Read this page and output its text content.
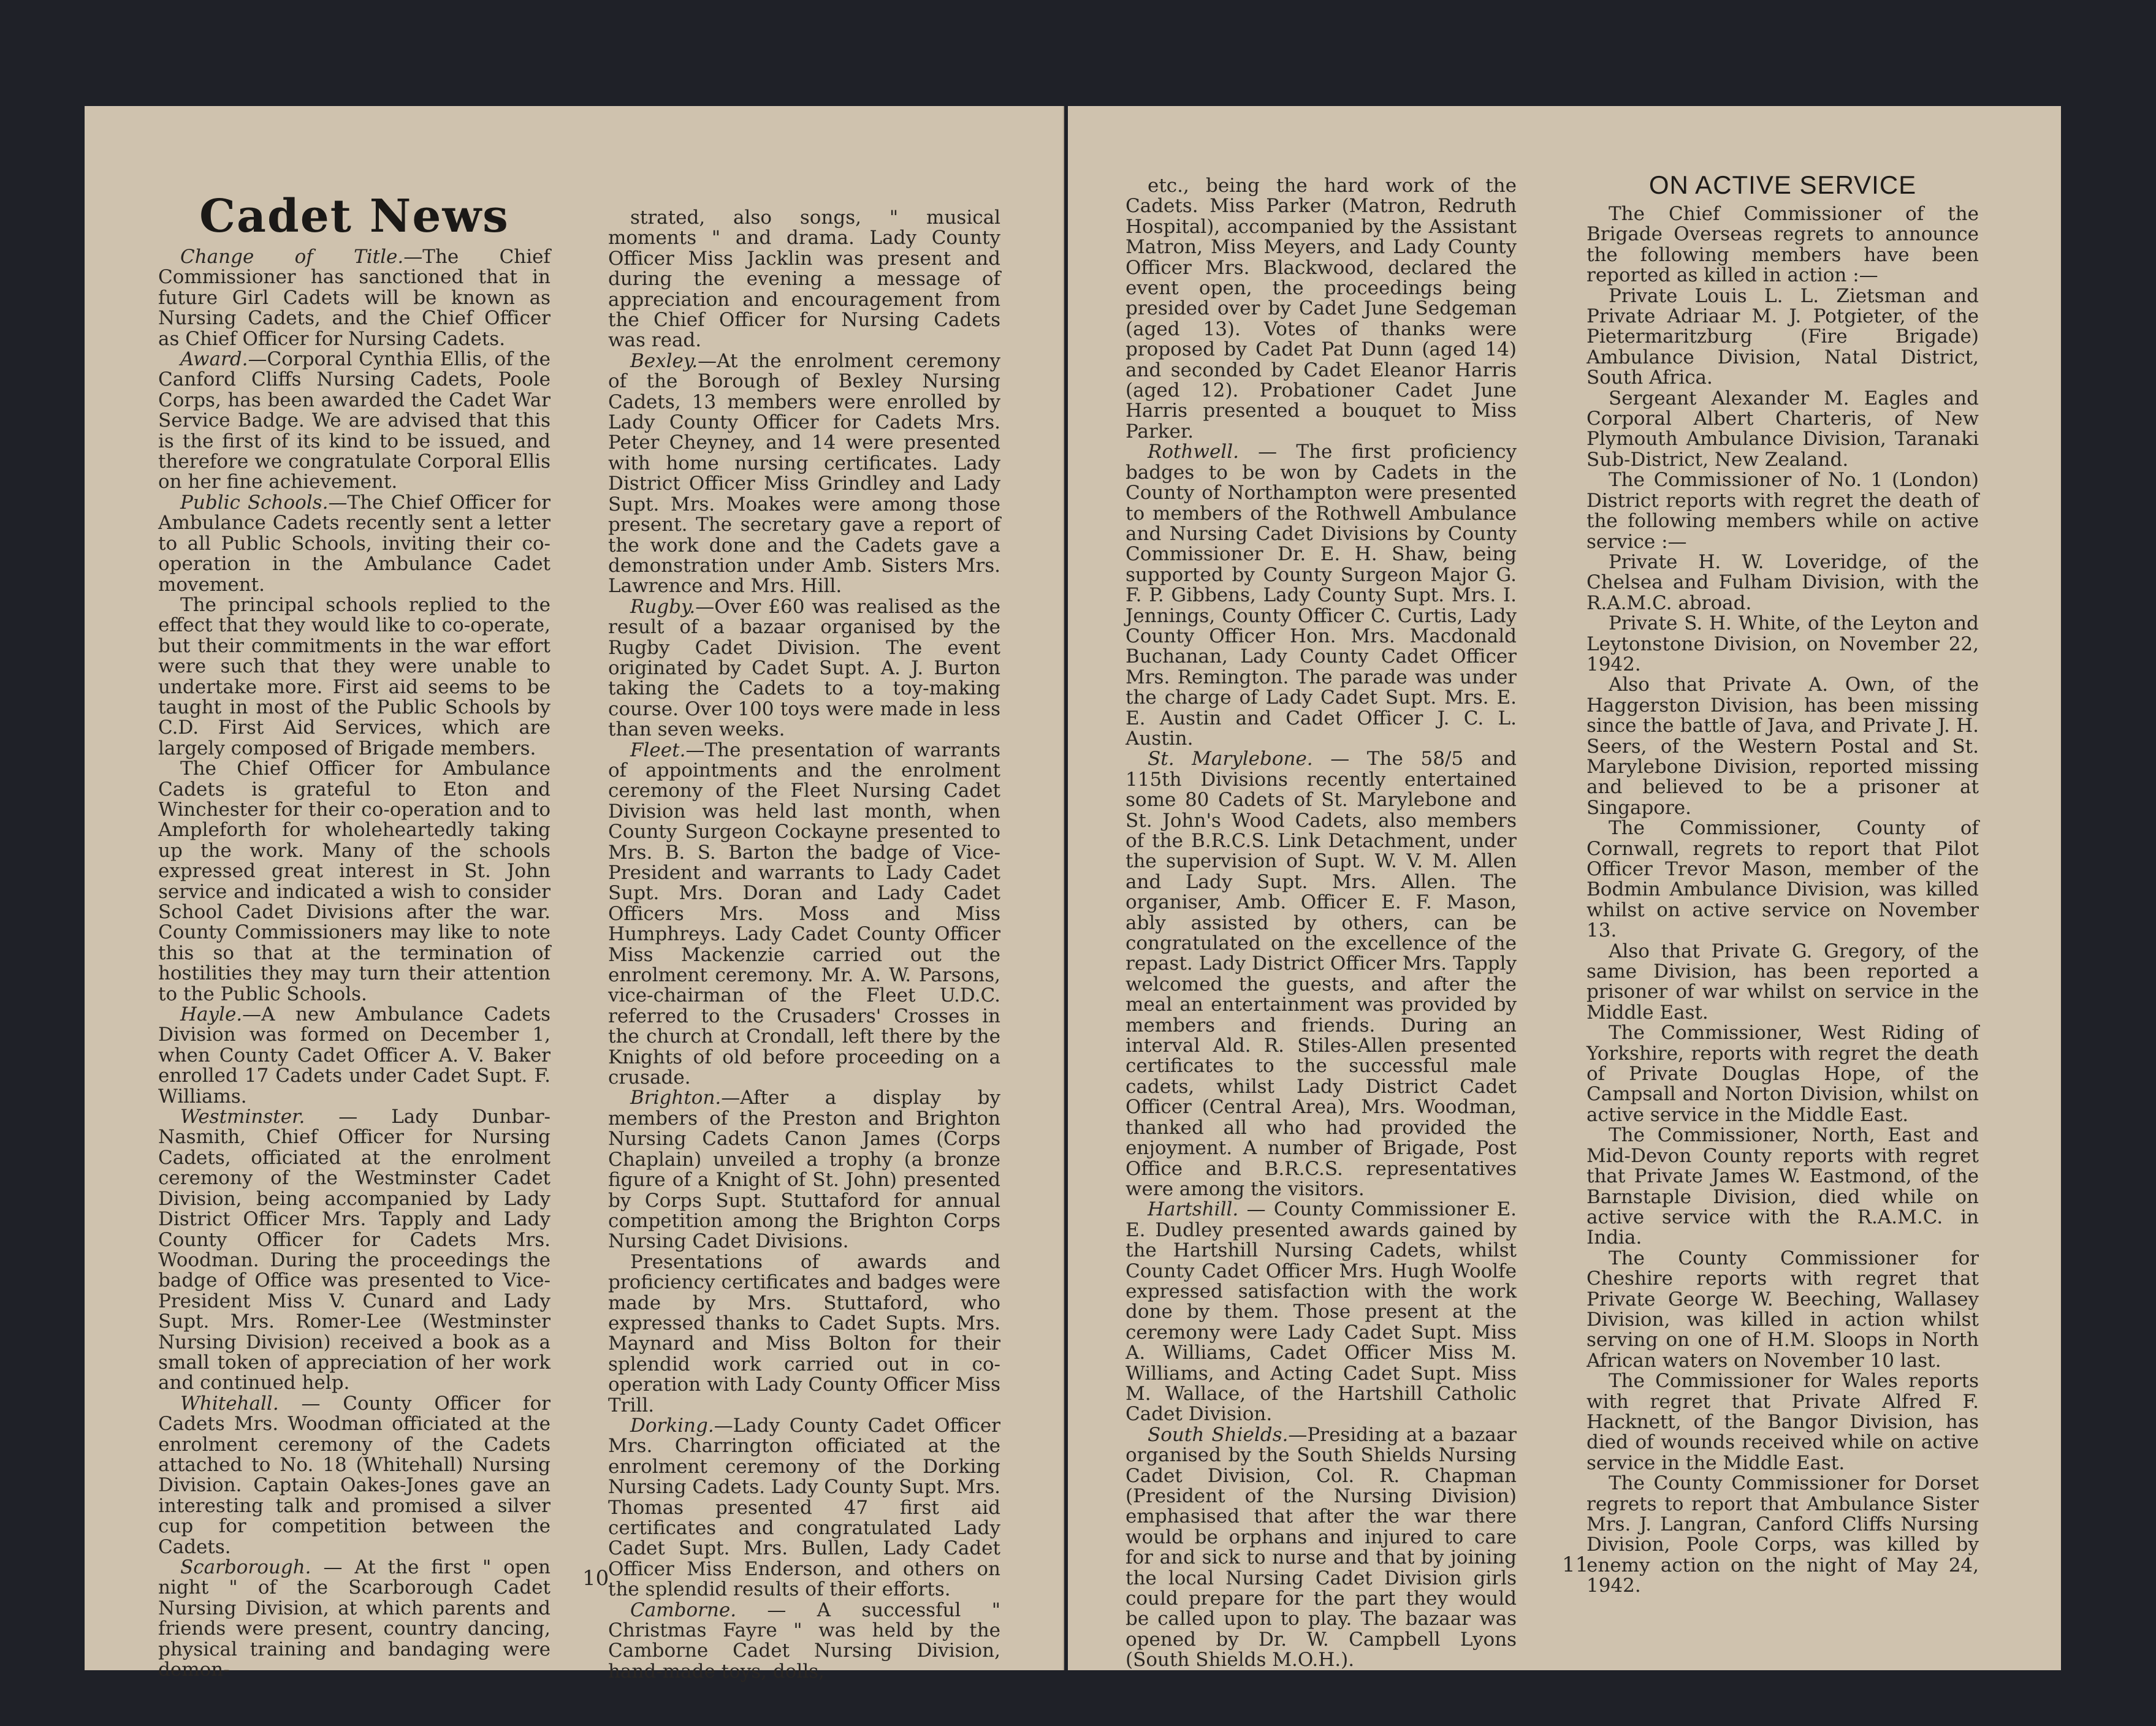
Cadet News

Change of Title.—The Chief Commissioner has sanctioned that in future Girl Cadets will be known as Nursing Cadets, and the Chief Officer as Chief Officer for Nursing Cadets.

Award.—Corporal Cynthia Ellis, of the Canford Cliffs Nursing Cadets, Poole Corps, has been awarded the Cadet War Service Badge. We are advised that this is the first of its kind to be issued, and therefore we congratulate Corporal Ellis on her fine achievement.

Public Schools.—The Chief Officer for Ambulance Cadets recently sent a letter to all Public Schools, inviting their co-operation in the Ambulance Cadet movement.

The principal schools replied to the effect that they would like to co-operate, but their commitments in the war effort were such that they were unable to undertake more. First aid seems to be taught in most of the Public Schools by C.D. First Aid Services, which are largely composed of Brigade members.

The Chief Officer for Ambulance Cadets is grateful to Eton and Winchester for their co-operation and to Ampleforth for wholeheartedly taking up the work. Many of the schools expressed great interest in St. John service and indicated a wish to consider School Cadet Divisions after the war. County Commissioners may like to note this so that at the termination of hostilities they may turn their attention to the Public Schools.

Hayle.—A new Ambulance Cadets Division was formed on December 1, when County Cadet Officer A. V. Baker enrolled 17 Cadets under Cadet Supt. F. Williams.

Westminster. — Lady Dunbar-Nasmith, Chief Officer for Nursing Cadets, officiated at the enrolment ceremony of the Westminster Cadet Division, being accompanied by Lady District Officer Mrs. Tapply and Lady County Officer for Cadets Mrs. Woodman. During the proceedings the badge of Office was presented to Vice-President Miss V. Cunard and Lady Supt. Mrs. Romer-Lee (Westminster Nursing Division) received a book as a small token of appreciation of her work and continued help.

Whitehall. — County Officer for Cadets Mrs. Woodman officiated at the enrolment ceremony of the Cadets attached to No. 18 (Whitehall) Nursing Division. Captain Oakes-Jones gave an interesting talk and promised a silver cup for competition between the Cadets.

Scarborough. — At the first " open night " of the Scarborough Cadet Nursing Division, at which parents and friends were present, country dancing, physical training and bandaging were demon-

strated, also songs, " musical moments " and drama. Lady County Officer Miss Jacklin was present and during the evening a message of appreciation and encouragement from the Chief Officer for Nursing Cadets was read.

Bexley.—At the enrolment ceremony of the Borough of Bexley Nursing Cadets, 13 members were enrolled by Lady County Officer for Cadets Mrs. Peter Cheyney, and 14 were presented with home nursing certificates. Lady District Officer Miss Grindley and Lady Supt. Mrs. Moakes were among those present. The secretary gave a report of the work done and the Cadets gave a demonstration under Amb. Sisters Mrs. Lawrence and Mrs. Hill.

Rugby.—Over £60 was realised as the result of a bazaar organised by the Rugby Cadet Division. The event originated by Cadet Supt. A. J. Burton taking the Cadets to a toy-making course. Over 100 toys were made in less than seven weeks.

Fleet.—The presentation of warrants of appointments and the enrolment ceremony of the Fleet Nursing Cadet Division was held last month, when County Surgeon Cockayne presented to Mrs. B. S. Barton the badge of Vice-President and warrants to Lady Cadet Supt. Mrs. Doran and Lady Cadet Officers Mrs. Moss and Miss Humphreys. Lady Cadet County Officer Miss Mackenzie carried out the enrolment ceremony. Mr. A. W. Parsons, vice-chairman of the Fleet U.D.C. referred to the Crusaders' Crosses in the church at Crondall, left there by the Knights of old before proceeding on a crusade.

Brighton.—After a display by members of the Preston and Brighton Nursing Cadets Canon James (Corps Chaplain) unveiled a trophy (a bronze figure of a Knight of St. John) presented by Corps Supt. Stuttaford for annual competition among the Brighton Corps Nursing Cadet Divisions.

Presentations of awards and proficiency certificates and badges were made by Mrs. Stuttaford, who expressed thanks to Cadet Supts. Mrs. Maynard and Miss Bolton for their splendid work carried out in co-operation with Lady County Officer Miss Trill.

Dorking.—Lady County Cadet Officer Mrs. Charrington officiated at the enrolment ceremony of the Dorking Nursing Cadets. Lady County Supt. Mrs. Thomas presented 47 first aid certificates and congratulated Lady Cadet Supt. Mrs. Bullen, Lady Cadet Officer Miss Enderson, and others on the splendid results of their efforts.

Camborne. — A successful " Christmas Fayre " was held by the Camborne Cadet Nursing Division, hand-made toys, dolls,

10

etc., being the hard work of the Cadets. Miss Parker (Matron, Redruth Hospital), accompanied by the Assistant Matron, Miss Meyers, and Lady County Officer Mrs. Blackwood, declared the event open, the proceedings being presided over by Cadet June Sedgeman (aged 13). Votes of thanks were proposed by Cadet Pat Dunn (aged 14) and seconded by Cadet Eleanor Harris (aged 12). Probationer Cadet June Harris presented a bouquet to Miss Parker.

Rothwell. — The first proficiency badges to be won by Cadets in the County of Northampton were presented to members of the Rothwell Ambulance and Nursing Cadet Divisions by County Commissioner Dr. E. H. Shaw, being supported by County Surgeon Major G. F. P. Gibbens, Lady County Supt. Mrs. I. Jennings, County Officer C. Curtis, Lady County Officer Hon. Mrs. Macdonald Buchanan, Lady County Cadet Officer Mrs. Remington. The parade was under the charge of Lady Cadet Supt. Mrs. E. E. Austin and Cadet Officer J. C. L. Austin.

St. Marylebone. — The 58/5 and 115th Divisions recently entertained some 80 Cadets of St. Marylebone and St. John's Wood Cadets, also members of the B.R.C.S. Link Detachment, under the supervision of Supt. W. V. M. Allen and Lady Supt. Mrs. Allen. The organiser, Amb. Officer E. F. Mason, ably assisted by others, can be congratulated on the excellence of the repast. Lady District Officer Mrs. Tapply welcomed the guests, and after the meal an entertainment was provided by members and friends. During an interval Ald. R. Stiles-Allen presented certificates to the successful male cadets, whilst Lady District Cadet Officer (Central Area), Mrs. Woodman, thanked all who had provided the enjoyment. A number of Brigade, Post Office and B.R.C.S. representatives were among the visitors.

Hartshill. — County Commissioner E. E. Dudley presented awards gained by the Hartshill Nursing Cadets, whilst County Cadet Officer Mrs. Hugh Woolfe expressed satisfaction with the work done by them. Those present at the ceremony were Lady Cadet Supt. Miss A. Williams, Cadet Officer Miss M. Williams, and Acting Cadet Supt. Miss M. Wallace, of the Hartshill Catholic Cadet Division.

South Shields.—Presiding at a bazaar organised by the South Shields Nursing Cadet Division, Col. R. Chapman (President of the Nursing Division) emphasised that after the war there would be orphans and injured to care for and sick to nurse and that by joining the local Nursing Cadet Division girls could prepare for the part they would be called upon to play. The bazaar was opened by Dr. W. Campbell Lyons (South Shields M.O.H.).

ON ACTIVE SERVICE

The Chief Commissioner of the Brigade Overseas regrets to announce the following members have been reported as killed in action :—

Private Louis L. L. Zietsman and Private Adriaar M. J. Potgieter, of the Pietermaritzburg (Fire Brigade) Ambulance Division, Natal District, South Africa.

Sergeant Alexander M. Eagles and Corporal Albert Charteris, of New Plymouth Ambulance Division, Taranaki Sub-District, New Zealand.

The Commissioner of No. 1 (London) District reports with regret the death of the following members while on active service :—

Private H. W. Loveridge, of the Chelsea and Fulham Division, with the R.A.M.C. abroad.

Private S. H. White, of the Leyton and Leytonstone Division, on November 22, 1942.

Also that Private A. Own, of the Haggerston Division, has been missing since the battle of Java, and Private J. H. Seers, of the Western Postal and St. Marylebone Division, reported missing and believed to be a prisoner at Singapore.

The Commissioner, County of Cornwall, regrets to report that Pilot Officer Trevor Mason, member of the Bodmin Ambulance Division, was killed whilst on active service on November 13.

Also that Private G. Gregory, of the same Division, has been reported a prisoner of war whilst on service in the Middle East.

The Commissioner, West Riding of Yorkshire, reports with regret the death of Private Douglas Hope, of the Campsall and Norton Division, whilst on active service in the Middle East.

The Commissioner, North, East and Mid-Devon County reports with regret that Private James W. Eastmond, of the Barnstaple Division, died while on active service with the R.A.M.C. in India.

The County Commissioner for Cheshire reports with regret that Private George W. Beeching, Wallasey Division, was killed in action whilst serving on one of H.M. Sloops in North African waters on November 10 last.

The Commissioner for Wales reports with regret that Private Alfred F. Hacknett, of the Bangor Division, has died of wounds received while on active service in the Middle East.

The County Commissioner for Dorset regrets to report that Ambulance Sister Mrs. J. Langran, Canford Cliffs Nursing Division, Poole Corps, was killed by enemy action on the night of May 24, 1942.

11
